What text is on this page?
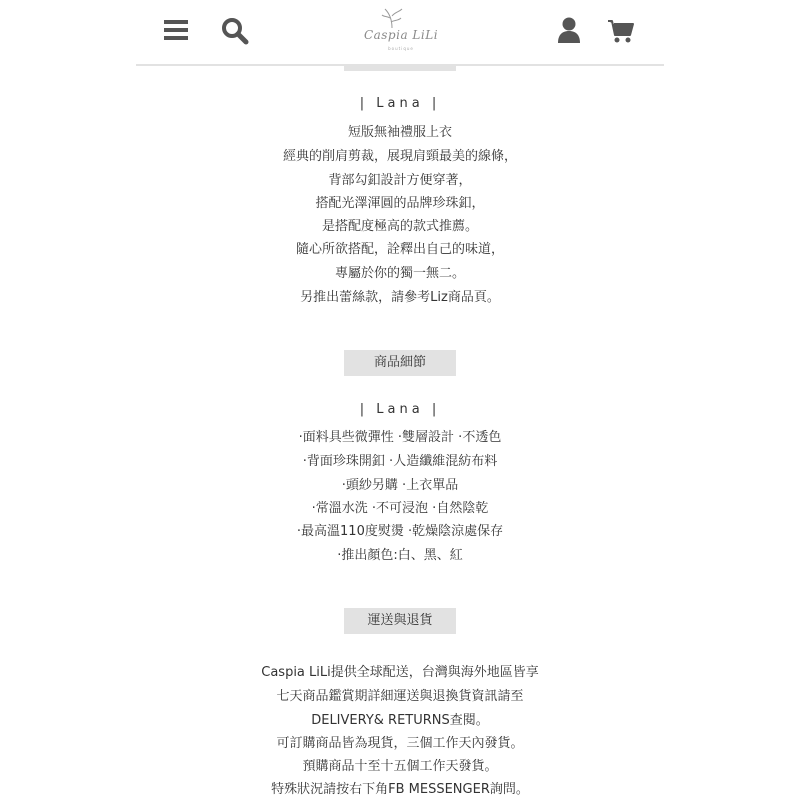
Caspia LiLi
boutique
| Lana |
短版無袖禮服上衣
經典的削肩剪裁，展現肩頸最美的線條，
背部勾釦設計方便穿著，
搭配光澤渾圓的品牌珍珠釦，
是搭配度極高的款式推薦。
隨心所欲搭配，詮釋出自己的味道，
專屬於你的獨一無二。
另推出蕾絲款，請參考Liz商品頁。
商品細節
| Lana |
·面料具些微彈性 ·雙層設計 ·不透色
·背面珍珠開釦 ·人造纖維混紡布料
·頭紗另購 ·上衣單品
·常溫水洗 ·不可浸泡 ·自然陰乾
·最高溫110度熨燙 ·乾燥陰涼處保存
·推出顏色:白、黑、紅
運送與退貨
Caspia LiLi提供全球配送，台灣與海外地區皆享
七天商品鑑賞期詳細運送與退換貨資訊請至
DELIVERY& RETURNS查閱。
可訂購商品皆為現貨，三個工作天內發貨。
預購商品十至十五個工作天發貨。
特殊狀況請按右下角FB MESSENGER詢問。
